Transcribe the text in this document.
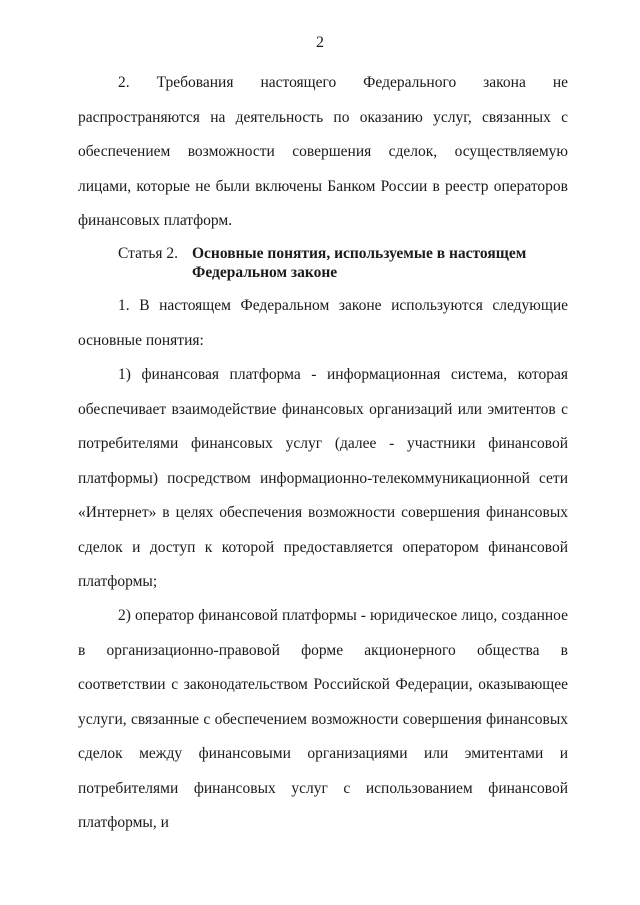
2
2. Требования настоящего Федерального закона не распространяются на деятельность по оказанию услуг, связанных с обеспечением возможности совершения сделок, осуществляемую лицами, которые не были включены Банком России в реестр операторов финансовых платформ.
Статья 2. Основные понятия, используемые в настоящем Федеральном законе
1. В настоящем Федеральном законе используются следующие основные понятия:
1) финансовая платформа - информационная система, которая обеспечивает взаимодействие финансовых организаций или эмитентов с потребителями финансовых услуг (далее - участники финансовой платформы) посредством информационно-телекоммуникационной сети «Интернет» в целях обеспечения возможности совершения финансовых сделок и доступ к которой предоставляется оператором финансовой платформы;
2) оператор финансовой платформы - юридическое лицо, созданное в организационно-правовой форме акционерного общества в соответствии с законодательством Российской Федерации, оказывающее услуги, связанные с обеспечением возможности совершения финансовых сделок между финансовыми организациями или эмитентами и потребителями финансовых услуг с использованием финансовой платформы, и
